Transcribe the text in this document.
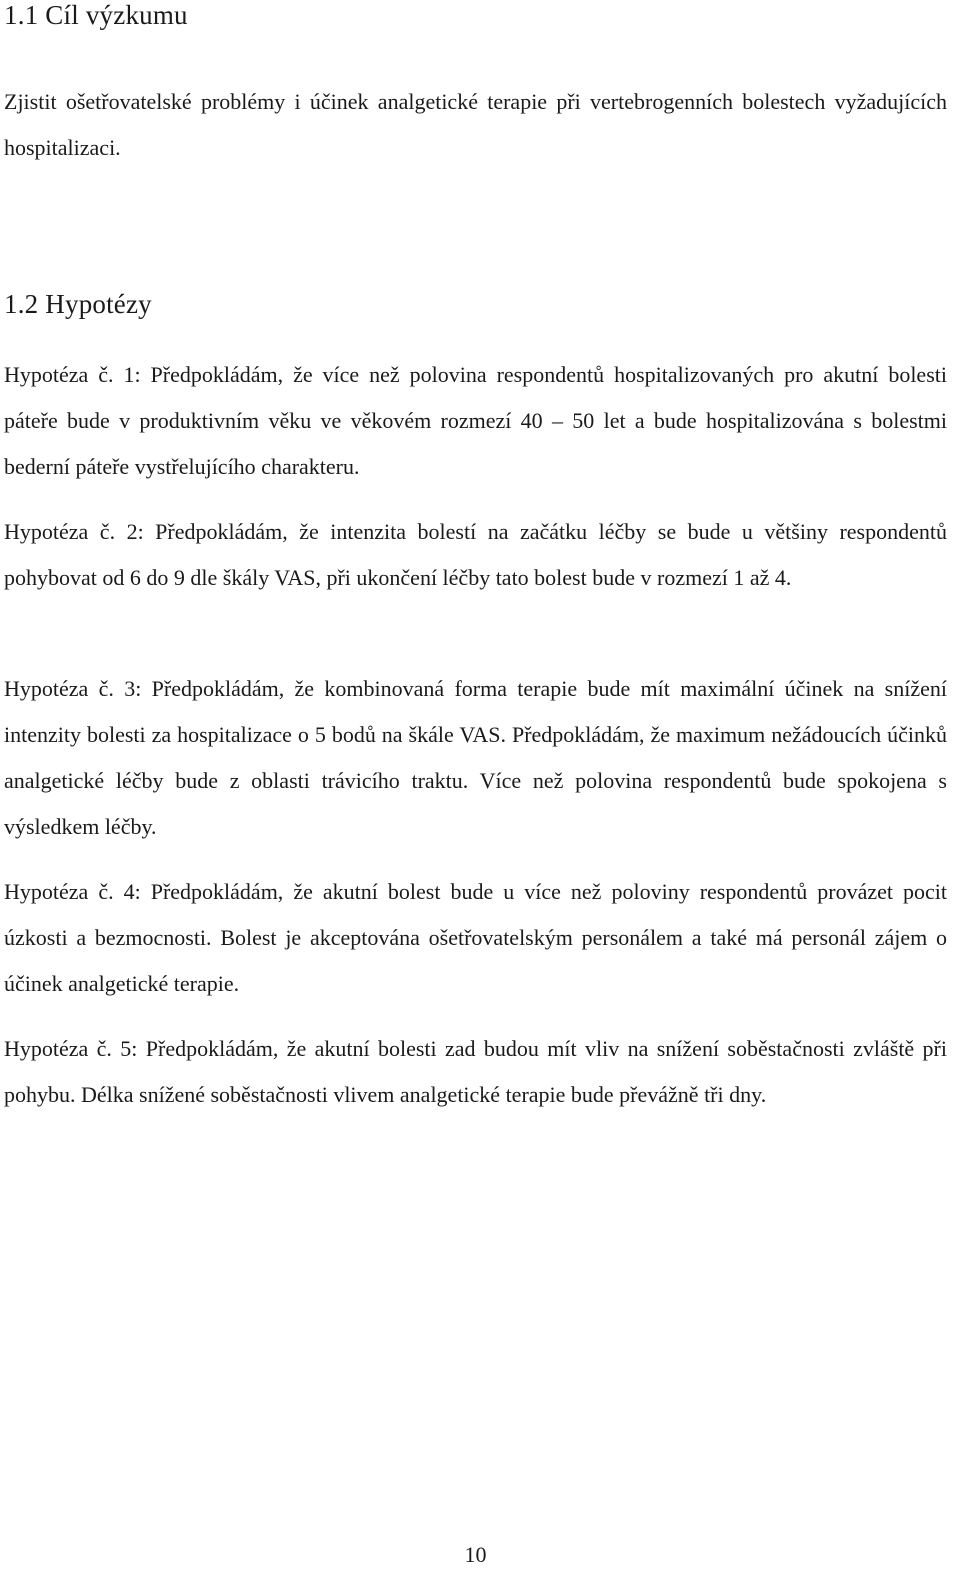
1.1 Cíl výzkumu

Zjistit ošetřovatelské problémy i účinek analgetické terapie při vertebrogenních bolestech vyžadujících hospitalizaci.

1.2 Hypotézy

Hypotéza č. 1: Předpokládám, že více než polovina respondentů hospitalizovaných pro akutní bolesti páteře bude v produktivním věku ve věkovém rozmezí 40 – 50 let a bude hospitalizována s bolestmi bederní páteře vystřelujícího charakteru.

Hypotéza č. 2: Předpokládám, že intenzita bolestí na začátku léčby se bude u většiny respondentů pohybovat od 6 do 9 dle škály VAS, při ukončení léčby tato bolest bude v rozmezí 1 až 4.

Hypotéza č. 3: Předpokládám, že kombinovaná forma terapie bude mít maximální účinek na snížení intenzity bolesti za hospitalizace o 5 bodů na škále VAS. Předpokládám, že maximum nežádoucích účinků analgetické léčby bude z oblasti trávicího traktu. Více než polovina respondentů bude spokojena s výsledkem léčby.

Hypotéza č. 4: Předpokládám, že akutní bolest bude u více než poloviny respondentů provázet pocit úzkosti a bezmocnosti. Bolest je akceptována ošetřovatelským personálem a také má personál zájem o účinek analgetické terapie.

Hypotéza č. 5: Předpokládám, že akutní bolesti zad budou mít vliv na snížení soběstačnosti zvláště při pohybu. Délka snížené soběstačnosti vlivem analgetické terapie bude převážně tři dny.

10
